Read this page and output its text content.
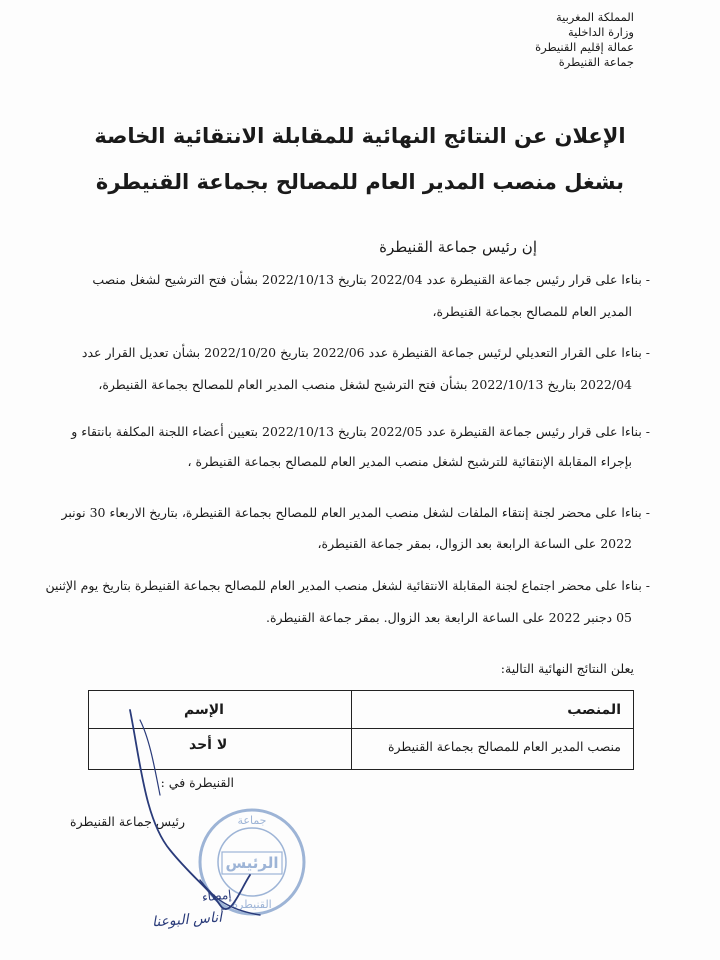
المملكة المغربية
وزارة الداخلية
عمالة إقليم القنيطرة
جماعة القنيطرة
الإعلان عن النتائج النهائية للمقابلة الانتقائية الخاصة
بشغل منصب المدير العام للمصالح بجماعة القنيطرة
إن رئيس جماعة القنيطرة
- بناءا على قرار رئيس جماعة القنيطرة عدد 2022/04 بتاريخ 2022/10/13 بشأن فتح الترشيح لشغل منصب
المدير العام للمصالح بجماعة القنيطرة،
- بناءا على القرار التعديلي لرئيس جماعة القنيطرة عدد 2022/06 بتاريخ 2022/10/20 بشأن تعديل القرار عدد
2022/04 بتاريخ 2022/10/13 بشأن فتح الترشيح لشغل منصب المدير العام للمصالح بجماعة القنيطرة،
- بناءا على قرار رئيس جماعة القنيطرة عدد 2022/05 بتاريخ 2022/10/13 بتعيين أعضاء اللجنة المكلفة بانتقاء و
بإجراء المقابلة الإنتقائية للترشيح لشغل منصب المدير العام للمصالح بجماعة القنيطرة ،
- بناءا على محضر لجنة إنتقاء الملفات لشغل منصب المدير العام للمصالح بجماعة القنيطرة، بتاريخ الاربعاء 30 نونبر
2022 على الساعة الرابعة بعد الزوال، بمقر جماعة القنيطرة،
- بناءا على محضر اجتماع لجنة المقابلة الانتقائية لشغل منصب المدير العام للمصالح بجماعة القنيطرة بتاريخ يوم الإثنين
05 دجنبر 2022 على الساعة الرابعة بعد الزوال. بمقر جماعة القنيطرة.
يعلن النتائج النهائية التالية:
المنصب
الإسم
منصب المدير العام للمصالح بجماعة القنيطرة
لا أحد
القنيطرة في :
رئيس جماعة القنيطرة
الرئيس
جماعة
القنيطرة
إمضاء
أناس البوعنا
